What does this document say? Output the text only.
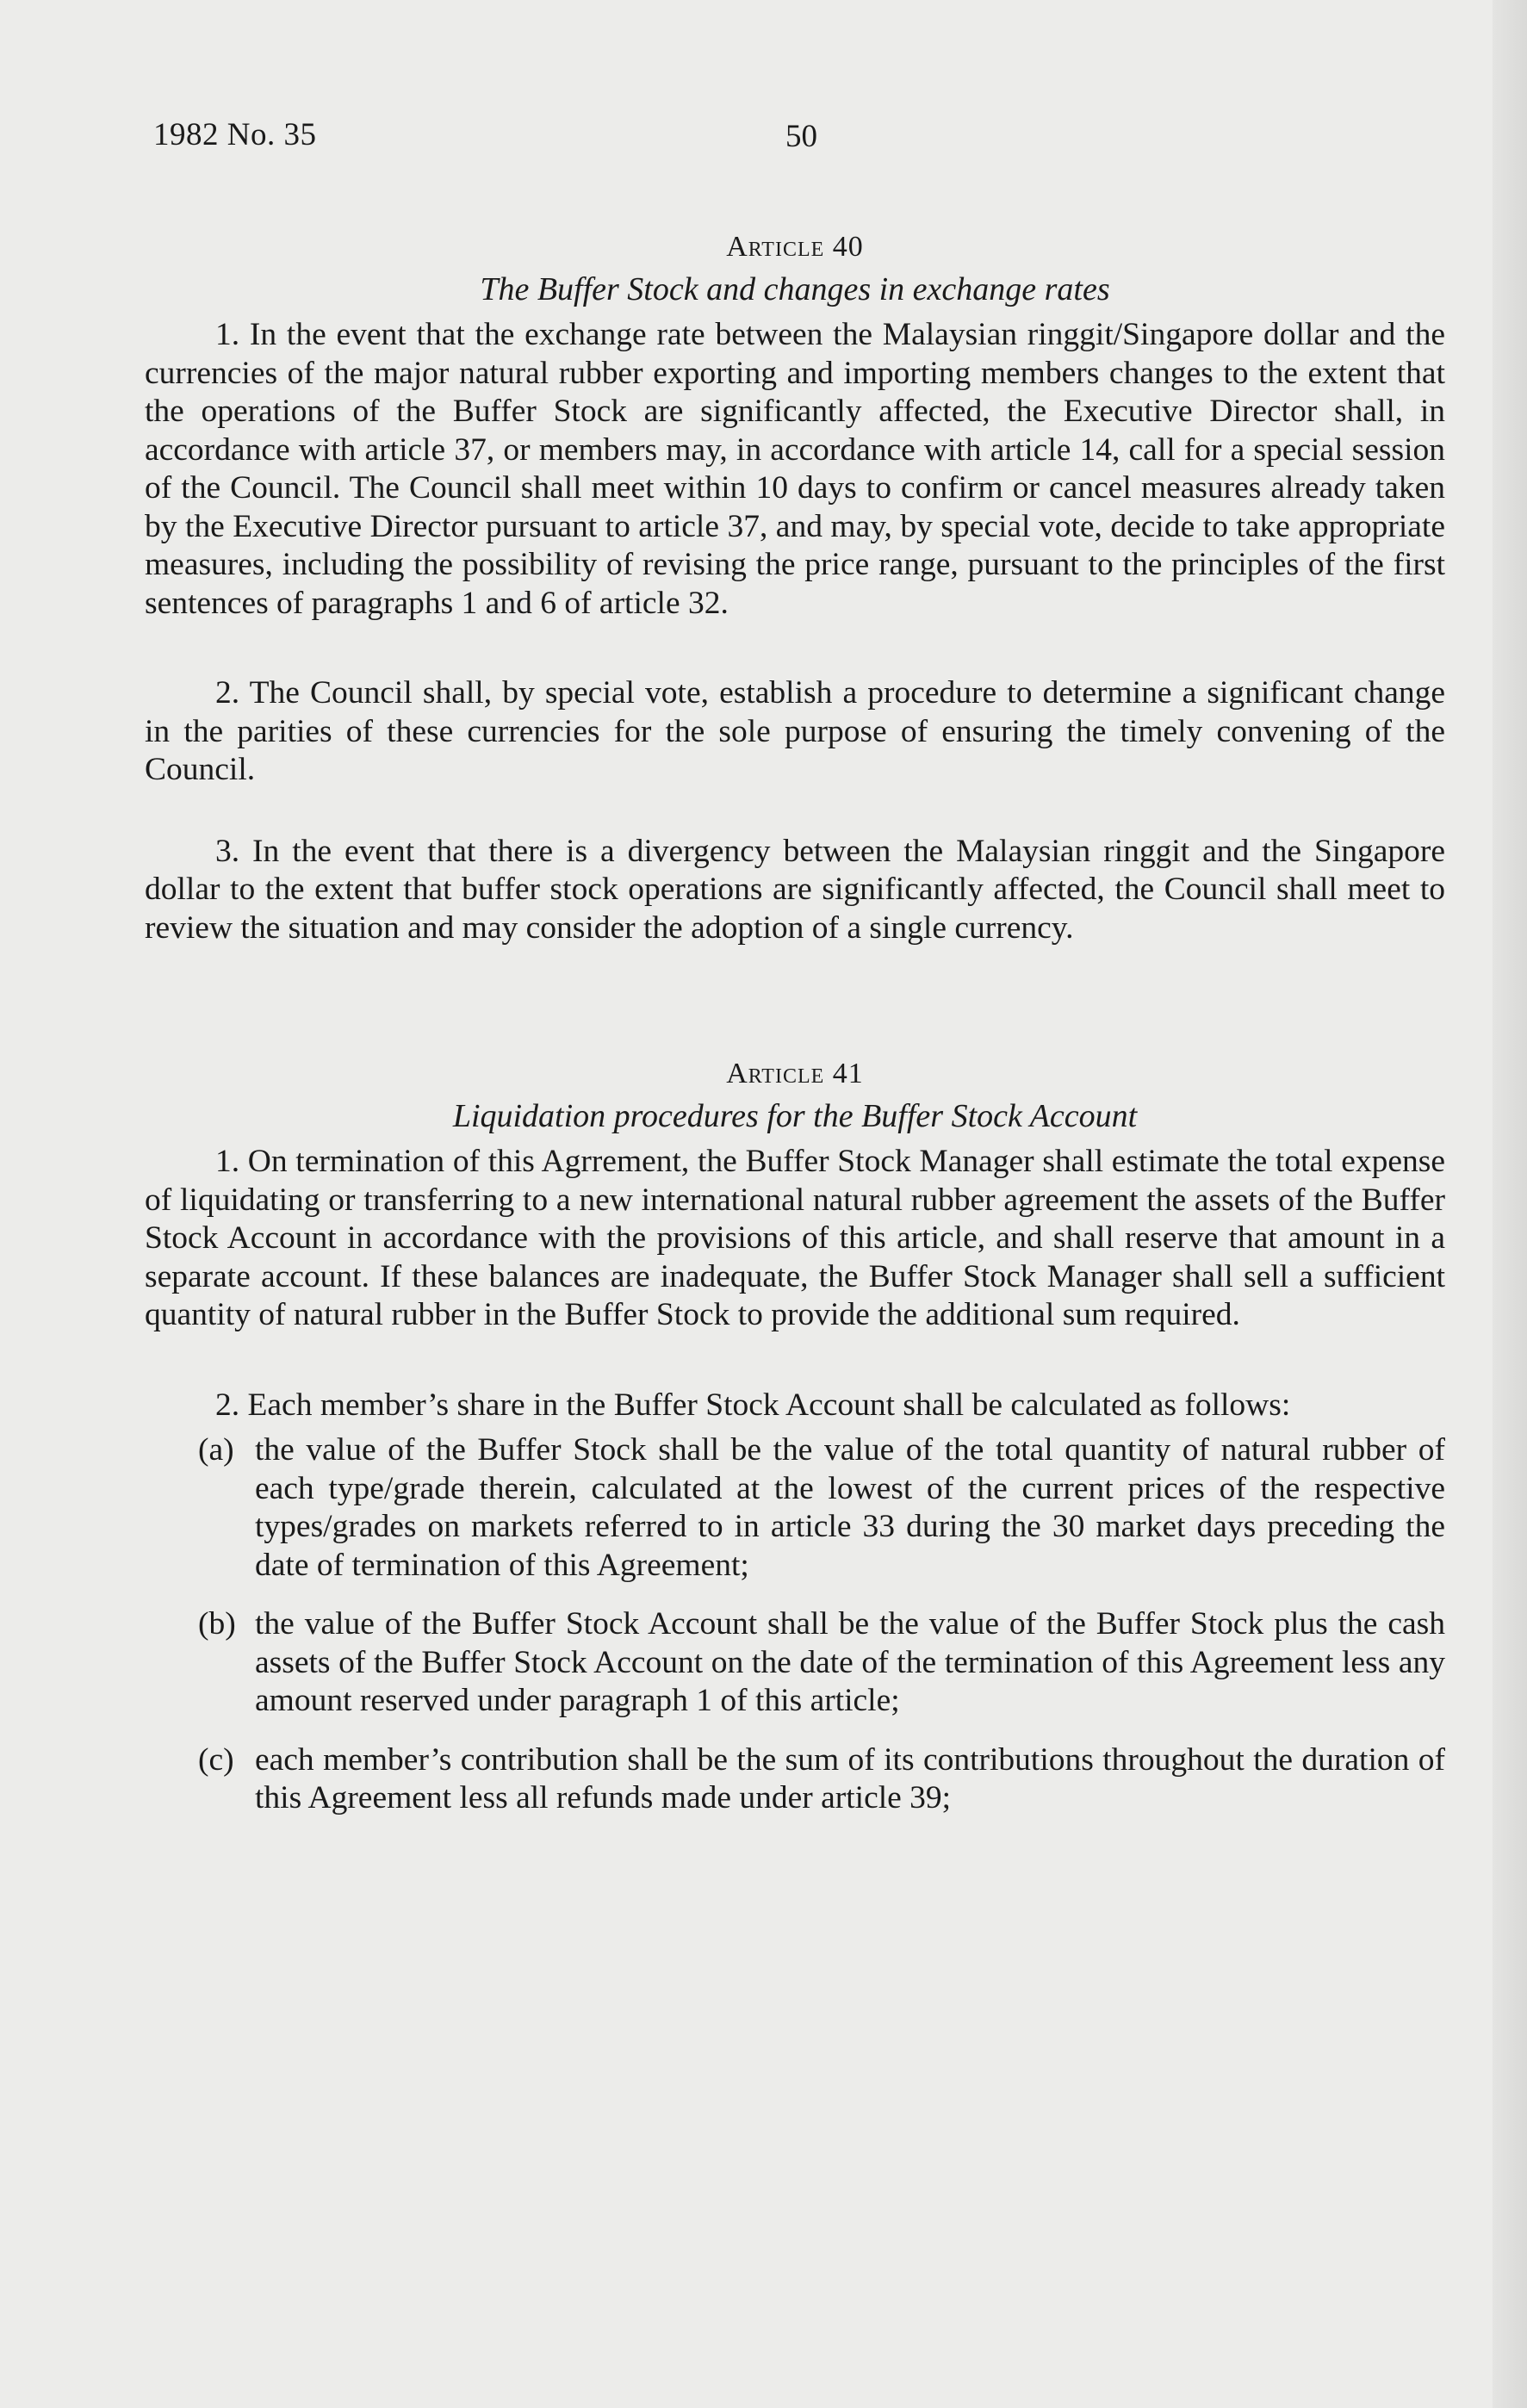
1982 No. 35	50
Article 40
The Buffer Stock and changes in exchange rates

1. In the event that the exchange rate between the Malaysian ringgit/Singapore dollar and the currencies of the major natural rubber exporting and importing members changes to the extent that the operations of the Buffer Stock are significantly affected, the Executive Director shall, in accordance with article 37, or members may, in accordance with article 14, call for a special session of the Council. The Council shall meet within 10 days to confirm or cancel measures already taken by the Executive Director pursuant to article 37, and may, by special vote, decide to take appropriate measures, including the possibility of revising the price range, pursuant to the principles of the first sentences of paragraphs 1 and 6 of article 32.

2. The Council shall, by special vote, establish a procedure to determine a significant change in the parities of these currencies for the sole purpose of ensuring the timely convening of the Council.

3. In the event that there is a divergency between the Malaysian ringgit and the Singapore dollar to the extent that buffer stock operations are significantly affected, the Council shall meet to review the situation and may consider the adoption of a single currency.

Article 41
Liquidation procedures for the Buffer Stock Account

1. On termination of this Agrrement, the Buffer Stock Manager shall estimate the total expense of liquidating or transferring to a new international natural rubber agreement the assets of the Buffer Stock Account in accordance with the provisions of this article, and shall reserve that amount in a separate account. If these balances are inadequate, the Buffer Stock Manager shall sell a sufficient quantity of natural rubber in the Buffer Stock to provide the additional sum required.

2. Each member’s share in the Buffer Stock Account shall be calculated as follows:

(a) the value of the Buffer Stock shall be the value of the total quantity of natural rubber of each type/grade therein, calculated at the lowest of the current prices of the respective types/grades on markets referred to in article 33 during the 30 market days preceding the date of termination of this Agreement;
(b) the value of the Buffer Stock Account shall be the value of the Buffer Stock plus the cash assets of the Buffer Stock Account on the date of the termination of this Agreement less any amount reserved under paragraph 1 of this article;
(c) each member’s contribution shall be the sum of its contributions throughout the duration of this Agreement less all refunds made under article 39;
